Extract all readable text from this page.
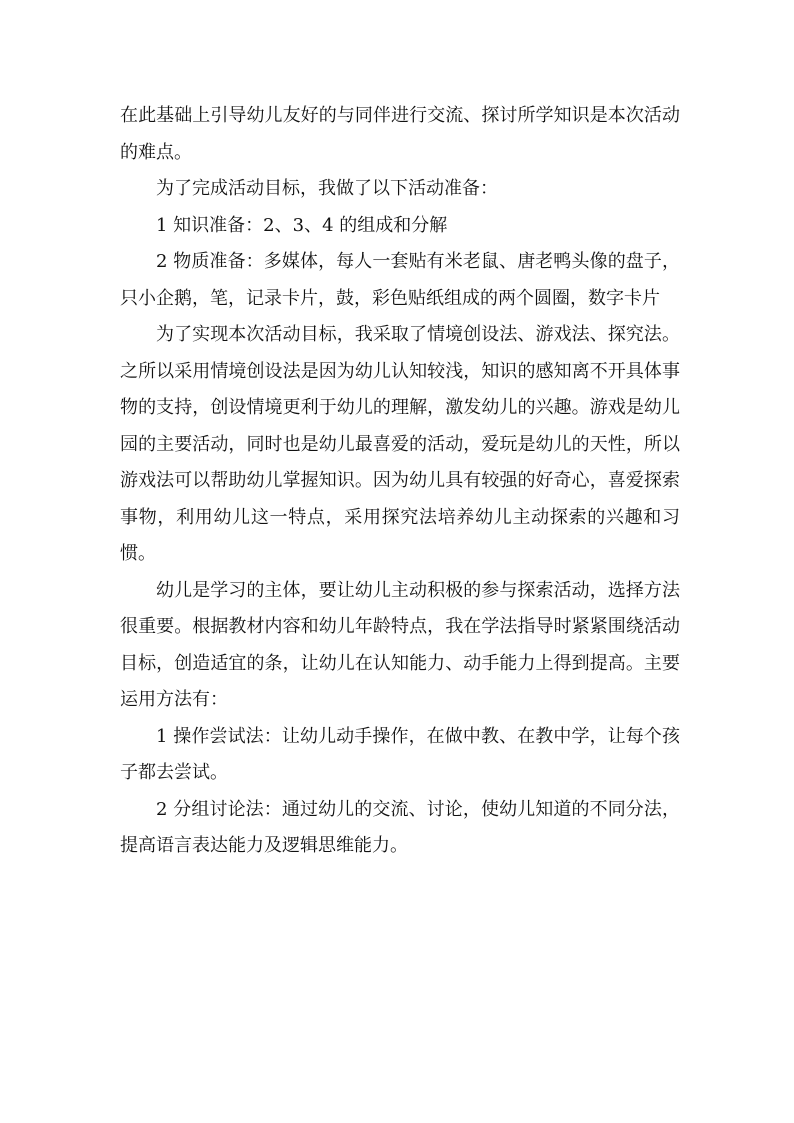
在此基础上引导幼儿友好的与同伴进行交流、探讨所学知识是本次活动的难点。

为了完成活动目标，我做了以下活动准备：

1 知识准备：2、3、4 的组成和分解

2 物质准备：多媒体，每人一套贴有米老鼠、唐老鸭头像的盘子，只小企鹅，笔，记录卡片，鼓，彩色贴纸组成的两个圆圈，数字卡片

为了实现本次活动目标，我采取了情境创设法、游戏法、探究法。之所以采用情境创设法是因为幼儿认知较浅，知识的感知离不开具体事物的支持，创设情境更利于幼儿的理解，激发幼儿的兴趣。游戏是幼儿园的主要活动，同时也是幼儿最喜爱的活动，爱玩是幼儿的天性，所以游戏法可以帮助幼儿掌握知识。因为幼儿具有较强的好奇心，喜爱探索事物，利用幼儿这一特点，采用探究法培养幼儿主动探索的兴趣和习惯。

幼儿是学习的主体，要让幼儿主动积极的参与探索活动，选择方法很重要。根据教材内容和幼儿年龄特点，我在学法指导时紧紧围绕活动目标，创造适宜的条，让幼儿在认知能力、动手能力上得到提高。主要运用方法有：

1 操作尝试法：让幼儿动手操作，在做中教、在教中学，让每个孩子都去尝试。

2 分组讨论法：通过幼儿的交流、讨论，使幼儿知道的不同分法，提高语言表达能力及逻辑思维能力。
